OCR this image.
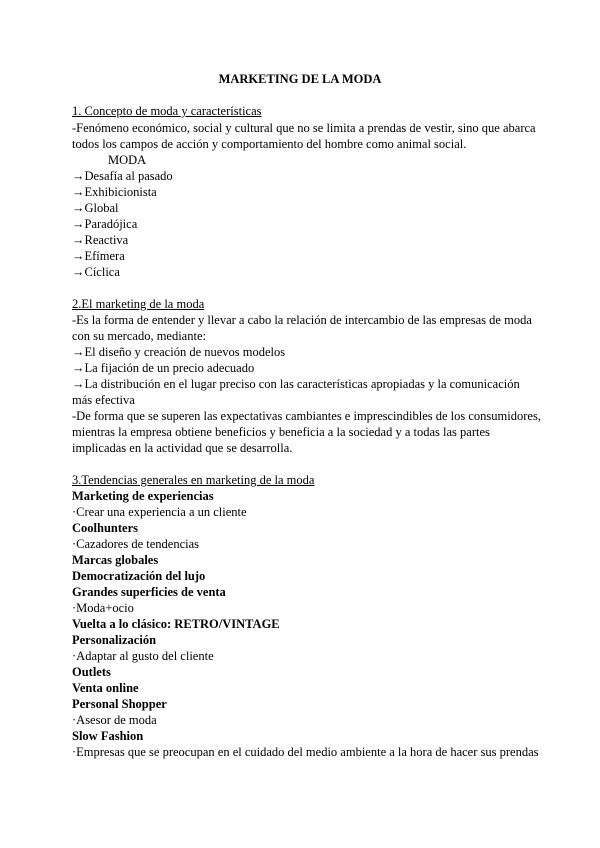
MARKETING DE LA MODA
1. Concepto de moda y características
-Fenómeno económico, social y cultural que no se limita a prendas de vestir, sino que abarca
todos los campos de acción y comportamiento del hombre como animal social.
MODA
→Desafía al pasado
→Exhibicionista
→Global
→Paradójica
→Reactiva
→Efímera
→Cíclica
2.El marketing de la moda
-Es la forma de entender y llevar a cabo la relación de intercambio de las empresas de moda
con su mercado, mediante:
→El diseño y creación de nuevos modelos
→La fijación de un precio adecuado
→La distribución en el lugar preciso con las características apropiadas y la comunicación
más efectiva
-De forma que se superen las expectativas cambiantes e imprescindibles de los consumidores,
mientras la empresa obtiene beneficios y beneficia a la sociedad y a todas las partes
implicadas en la actividad que se desarrolla.
3.Tendencias generales en marketing de la moda
Marketing de experiencias
·Crear una experiencia a un cliente
Coolhunters
·Cazadores de tendencias
Marcas globales
Democratización del lujo
Grandes superficies de venta
·Moda+ocio
Vuelta a lo clásico: RETRO/VINTAGE
Personalización
·Adaptar al gusto del cliente
Outlets
Venta online
Personal Shopper
·Asesor de moda
Slow Fashion
·Empresas que se preocupan en el cuidado del medio ambiente a la hora de hacer sus prendas
